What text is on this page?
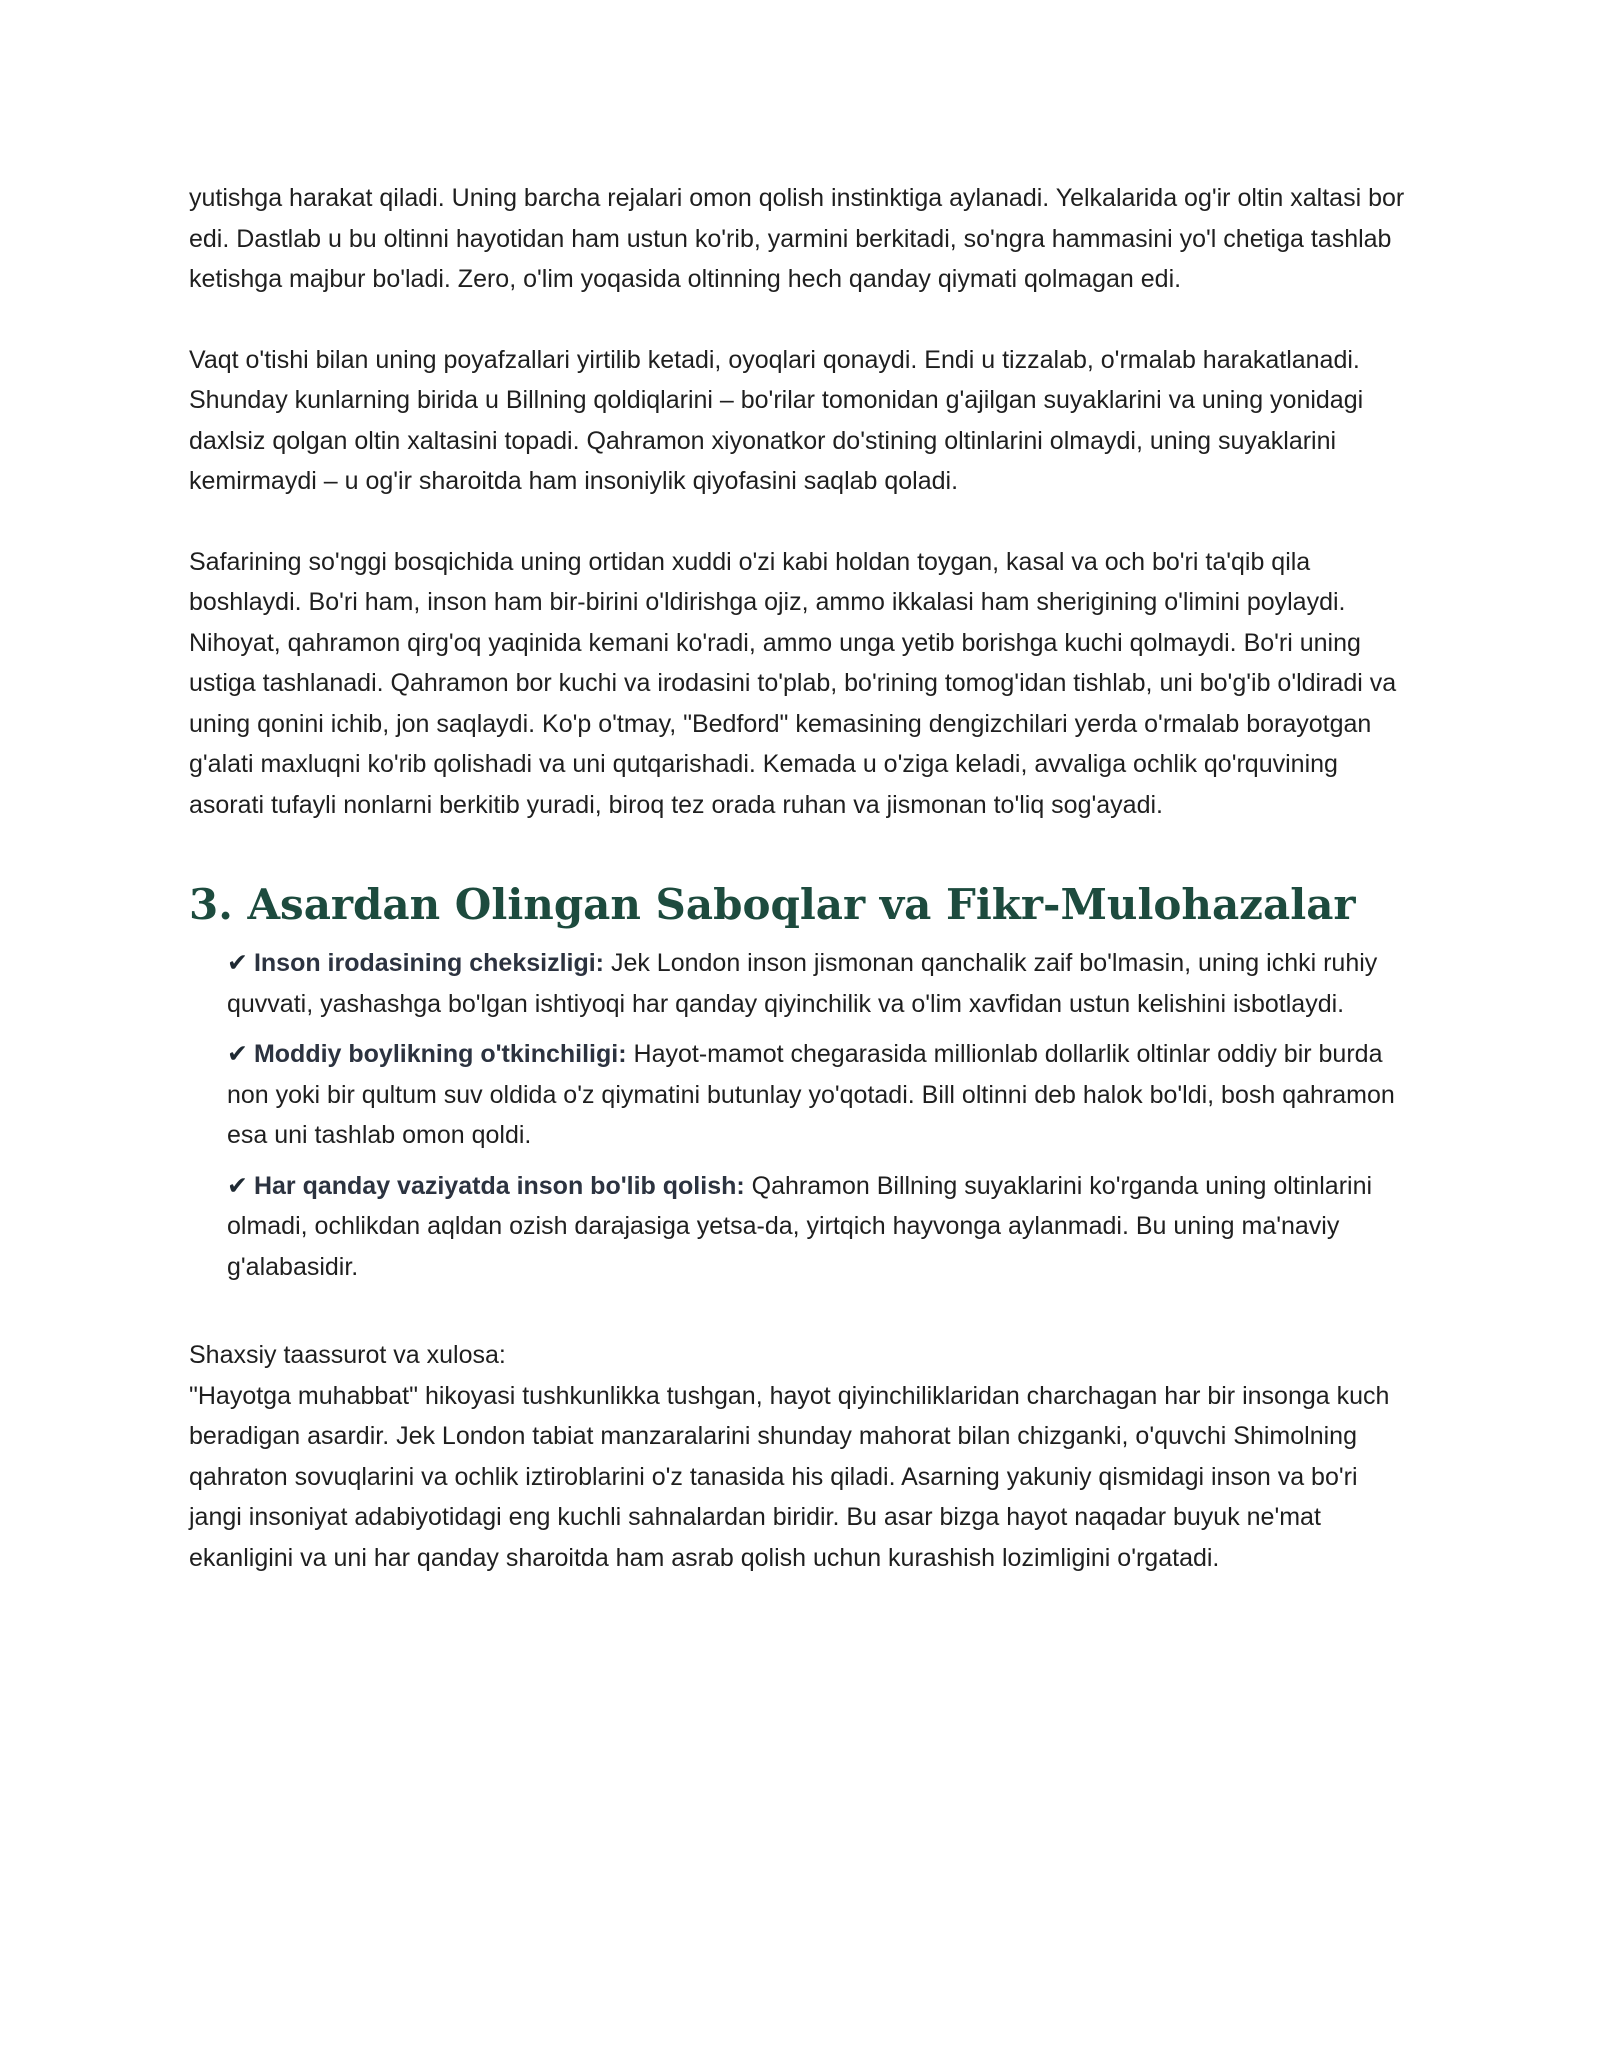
yutishga harakat qiladi. Uning barcha rejalari omon qolish instinktiga aylanadi. Yelkalarida og'ir oltin xaltasi bor edi. Dastlab u bu oltinni hayotidan ham ustun ko'rib, yarmini berkitadi, so'ngra hammasini yo'l chetiga tashlab ketishga majbur bo'ladi. Zero, o'lim yoqasida oltinning hech qanday qiymati qolmagan edi.

Vaqt o'tishi bilan uning poyafzallari yirtilib ketadi, oyoqlari qonaydi. Endi u tizzalab, o'rmalab harakatlanadi. Shunday kunlarning birida u Billning qoldiqlarini – bo'rilar tomonidan g'ajilgan suyaklarini va uning yonidagi daxlsiz qolgan oltin xaltasini topadi. Qahramon xiyonatkor do'stining oltinlarini olmaydi, uning suyaklarini kemirmaydi – u og'ir sharoitda ham insoniylik qiyofasini saqlab qoladi.

Safarining so'nggi bosqichida uning ortidan xuddi o'zi kabi holdan toygan, kasal va och bo'ri ta'qib qila boshlaydi. Bo'ri ham, inson ham bir-birini o'ldirishga ojiz, ammo ikkalasi ham sherigining o'limini poylaydi. Nihoyat, qahramon qirg'oq yaqinida kemani ko'radi, ammo unga yetib borishga kuchi qolmaydi. Bo'ri uning ustiga tashlanadi. Qahramon bor kuchi va irodasini to'plab, bo'rining tomog'idan tishlab, uni bo'g'ib o'ldiradi va uning qonini ichib, jon saqlaydi. Ko'p o'tmay, "Bedford" kemasining dengizchilari yerda o'rmalab borayotgan g'alati maxluqni ko'rib qolishadi va uni qutqarishadi. Kemada u o'ziga keladi, avvaliga ochlik qo'rquvining asorati tufayli nonlarni berkitib yuradi, biroq tez orada ruhan va jismonan to'liq sog'ayadi.

3. Asardan Olingan Saboqlar va Fikr-Mulohazalar
✔ Inson irodasining cheksizligi: Jek London inson jismonan qanchalik zaif bo'lmasin, uning ichki ruhiy quvvati, yashashga bo'lgan ishtiyoqi har qanday qiyinchilik va o'lim xavfidan ustun kelishini isbotlaydi.
✔ Moddiy boylikning o'tkinchiligi: Hayot-mamot chegarasida millionlab dollarlik oltinlar oddiy bir burda non yoki bir qultum suv oldida o'z qiymatini butunlay yo'qotadi. Bill oltinni deb halok bo'ldi, bosh qahramon esa uni tashlab omon qoldi.
✔ Har qanday vaziyatda inson bo'lib qolish: Qahramon Billning suyaklarini ko'rganda uning oltinlarini olmadi, ochlikdan aqldan ozish darajasiga yetsa-da, yirtqich hayvonga aylanmadi. Bu uning ma'naviy g'alabasidir.
Shaxsiy taassurot va xulosa:
"Hayotga muhabbat" hikoyasi tushkunlikka tushgan, hayot qiyinchiliklaridan charchagan har bir insonga kuch beradigan asardir. Jek London tabiat manzaralarini shunday mahorat bilan chizganki, o'quvchi Shimolning qahraton sovuqlarini va ochlik iztiroblarini o'z tanasida his qiladi. Asarning yakuniy qismidagi inson va bo'ri jangi insoniyat adabiyotidagi eng kuchli sahnalardan biridir. Bu asar bizga hayot naqadar buyuk ne'mat ekanligini va uni har qanday sharoitda ham asrab qolish uchun kurashish lozimligini o'rgatadi.
